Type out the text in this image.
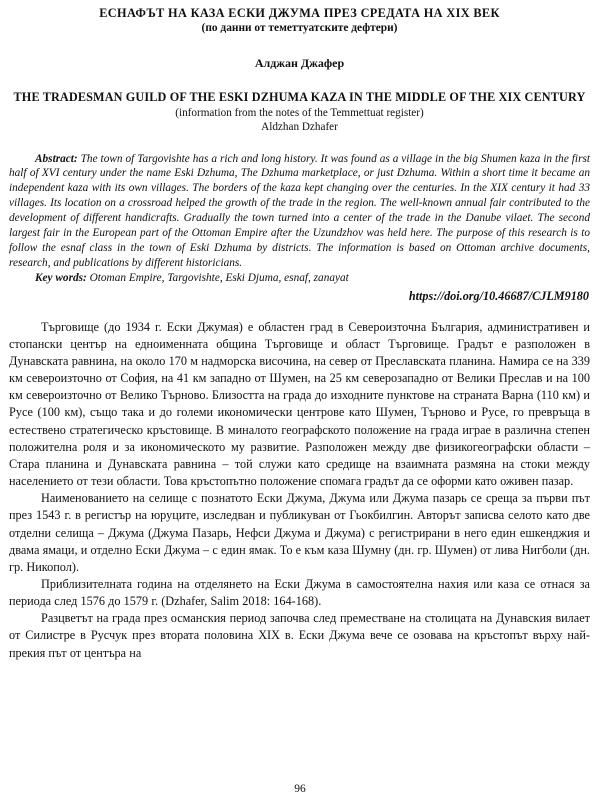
ЕСНАФЪТ НА КАЗА ЕСКИ ДЖУМА ПРЕЗ СРЕДАТА НА XIX ВЕК
(по данни от теметтуатските дефтери)
Алджан Джафер
THE TRADESMAN GUILD OF THE ESKI DZHUMA KAZA IN THE MIDDLE OF THE XIX CENTURY
(information from the notes of the Temmettuat register)
Aldzhan Dzhafer

Abstract: The town of Targovishte has a rich and long history. It was found as a village in the big Shumen kaza in the first half of XVI century under the name Eski Dzhuma, The Dzhuma marketplace, or just Dzhuma. Within a short time it became an independent kaza with its own villages. The borders of the kaza kept changing over the centuries. In the XIX century it had 33 villages. Its location on a crossroad helped the growth of the trade in the region. The well-known annual fair contributed to the development of different handicrafts. Gradually the town turned into a center of the trade in the Danube vilaet. The second largest fair in the European part of the Ottoman Empire after the Uzundzhov was held here. The purpose of this research is to follow the esnaf class in the town of Eski Dzhuma by districts. The information is based on Ottoman archive documents, research, and publications by different historicians.

Key words: Otoman Empire, Targovishte, Eski Djuma, esnaf, zanayat

https://doi.org/10.46687/CJLM9180

Търговище (до 1934 г. Ески Джумая) е областен град в Североизточна България, административен и стопански център на едноименната община Търговище и област Търговище. Градът е разположен в Дунавската равнина, на около 170 м надморска височина, на север от Преславската планина. Намира се на 339 км североизточно от София, на 41 км западно от Шумен, на 25 км северозападно от Велики Преслав и на 100 км североизточно от Велико Търново. Близостта на града до изходните пунктове на страната Варна (110 км) и Русе (100 км), също така и до големи икономически центрове като Шумен, Търново и Русе, го превръща в естествено стратегическо кръстовище. В миналото географското положение на града играе в различна степен положителна роля и за икономическото му развитие. Разположен между две физикогеографски области – Стара планина и Дунавската равнина – той служи като средище на взаимната размяна на стоки между населението от тези области. Това кръстопътно положение спомага градът да се оформи като оживен пазар.

Наименованието на селище с познатото Ески Джума, Джума или Джума пазарь се среща за първи път през 1543 г. в регистър на юруците, изследван и публикуван от Гьокбилгин. Авторът записва селото като две отделни селища – Джума (Джума Пазарь, Нефси Джума и Джума) с регистрирани в него един ешкенджия и двама ямаци, и отделно Ески Джума – с един ямак. То е към каза Шумну (дн. гр. Шумен) от лива Нигболи (дн. гр. Никопол).

Приблизителната година на отделянето на Ески Джума в самостоятелна нахия или каза се отнася за периода след 1576 до 1579 г. (Dzhafer, Salim 2018: 164-168).

Разцветът на града през османския период започва след преместване на столицата на Дунавския вилает от Силистре в Русчук през втората половина XIX в. Ески Джума вече се озовава на кръстопът върху най-прекия път от центъра на

96
